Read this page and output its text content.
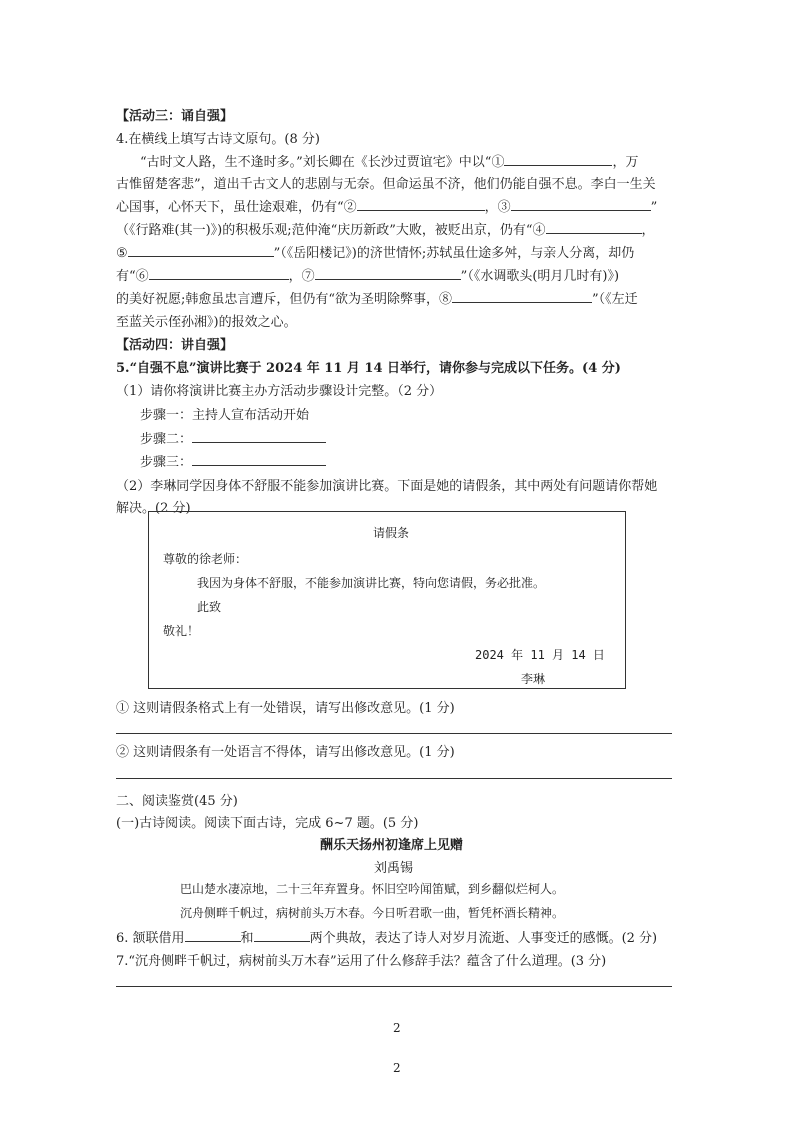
【活动三：诵自强】
4.在横线上填写古诗文原句。(8 分)
“古时文人路，生不逢时多。”刘长卿在《长沙过贾谊宅》中以“①	，万
古惟留楚客悲”，道出千古文人的悲剧与无奈。但命运虽不济，他们仍能自强不息。李白一生关
心国事，心怀天下，虽仕途艰难，仍有“②	，③	”
（《行路难(其一)》)的积极乐观;范仲淹“庆历新政”大败，被贬出京，仍有“④	，
⑤	”（《岳阳楼记》)的济世情怀;苏轼虽仕途多舛，与亲人分离，却仍
有“⑥	，⑦	”（《水调歌头(明月几时有)》)
的美好祝愿;韩愈虽忠言遭斥，但仍有“欲为圣明除弊事，⑧	”（《左迁
至蓝关示侄孙湘》)的报效之心。
【活动四：讲自强】
5.“自强不息”演讲比赛于 2024 年 11 月 14 日举行，请你参与完成以下任务。(4 分)
（1）请你将演讲比赛主办方活动步骤设计完整。（2 分）
步骤一：主持人宣布活动开始
步骤二：
步骤三：
（2）李琳同学因身体不舒服不能参加演讲比赛。下面是她的请假条，其中两处有问题请你帮她
解决。(2 分)
请假条
尊敬的徐老师：
我因为身体不舒服，不能参加演讲比赛，特向您请假，务必批准。
此致
敬礼！
2024 年 11 月 14 日
李琳
① 这则请假条格式上有一处错误，请写出修改意见。(1 分)
② 这则请假条有一处语言不得体，请写出修改意见。(1 分)
二、阅读鉴赏(45 分)
(一)古诗阅读。阅读下面古诗，完成 6~7 题。(5 分)
酬乐天扬州初逢席上见赠
刘禹锡
巴山楚水凄凉地，二十三年弃置身。怀旧空吟闻笛赋，到乡翻似烂柯人。
沉舟侧畔千帆过，病树前头万木春。今日听君歌一曲，暂凭杯酒长精神。
6. 颔联借用	和	两个典故，表达了诗人对岁月流逝、人事变迁的感慨。(2 分)
7.“沉舟侧畔千帆过，病树前头万木春”运用了什么修辞手法？蕴含了什么道理。(3 分)
2
2
